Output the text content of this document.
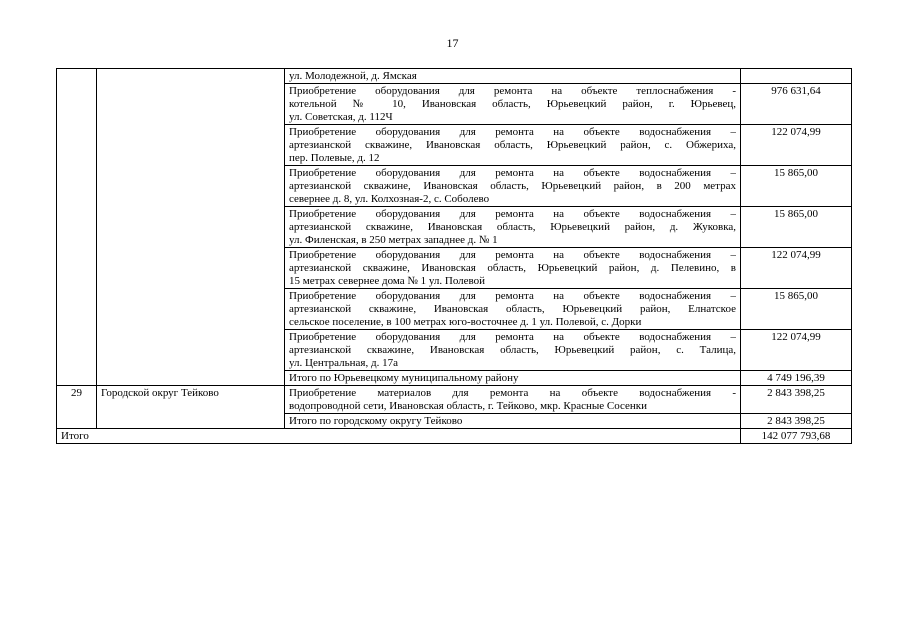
17

		ул. Молодежной, д. Ямская	

		Приобретение оборудования для ремонта на объекте теплоснабжения -
котельной № 10, Ивановская область, Юрьевецкий район, г. Юрьевец,
ул. Советская, д. 112Ч	976 631,64

		Приобретение оборудования для ремонта на объекте водоснабжения –
артезианской скважине, Ивановская область, Юрьевецкий район, с. Обжериха,
пер. Полевые, д. 12	122 074,99

		Приобретение оборудования для ремонта на объекте водоснабжения –
артезианской скважине, Ивановская область, Юрьевецкий район, в 200 метрах
севернее д. 8, ул. Колхозная-2, с. Соболево	15 865,00

		Приобретение оборудования для ремонта на объекте водоснабжения –
артезианской скважине, Ивановская область, Юрьевецкий район, д. Жуковка,
ул. Филенская, в 250 метрах западнее д. № 1	15 865,00

		Приобретение оборудования для ремонта на объекте водоснабжения –
артезианской скважине, Ивановская область, Юрьевецкий район, д. Пелевино, в
15 метрах севернее дома № 1 ул. Полевой	122 074,99

		Приобретение оборудования для ремонта на объекте водоснабжения –
артезианской скважине, Ивановская область, Юрьевецкий район, Елнатское
сельское поселение, в 100 метрах юго-восточнее д. 1 ул. Полевой, с. Дорки	15 865,00

		Приобретение оборудования для ремонта на объекте водоснабжения –
артезианской скважине, Ивановская область, Юрьевецкий район, с. Талица,
ул. Центральная, д. 17а	122 074,99

		Итого по Юрьевецкому муниципальному району	4 749 196,39
29	Городской округ Тейково	Приобретение материалов для ремонта на объекте водоснабжения -
водопроводной сети, Ивановская область, г. Тейково, мкр. Красные Сосенки	2 843 398,25

		Итого по городскому округу Тейково	2 843 398,25
Итого			142 077 793,68
